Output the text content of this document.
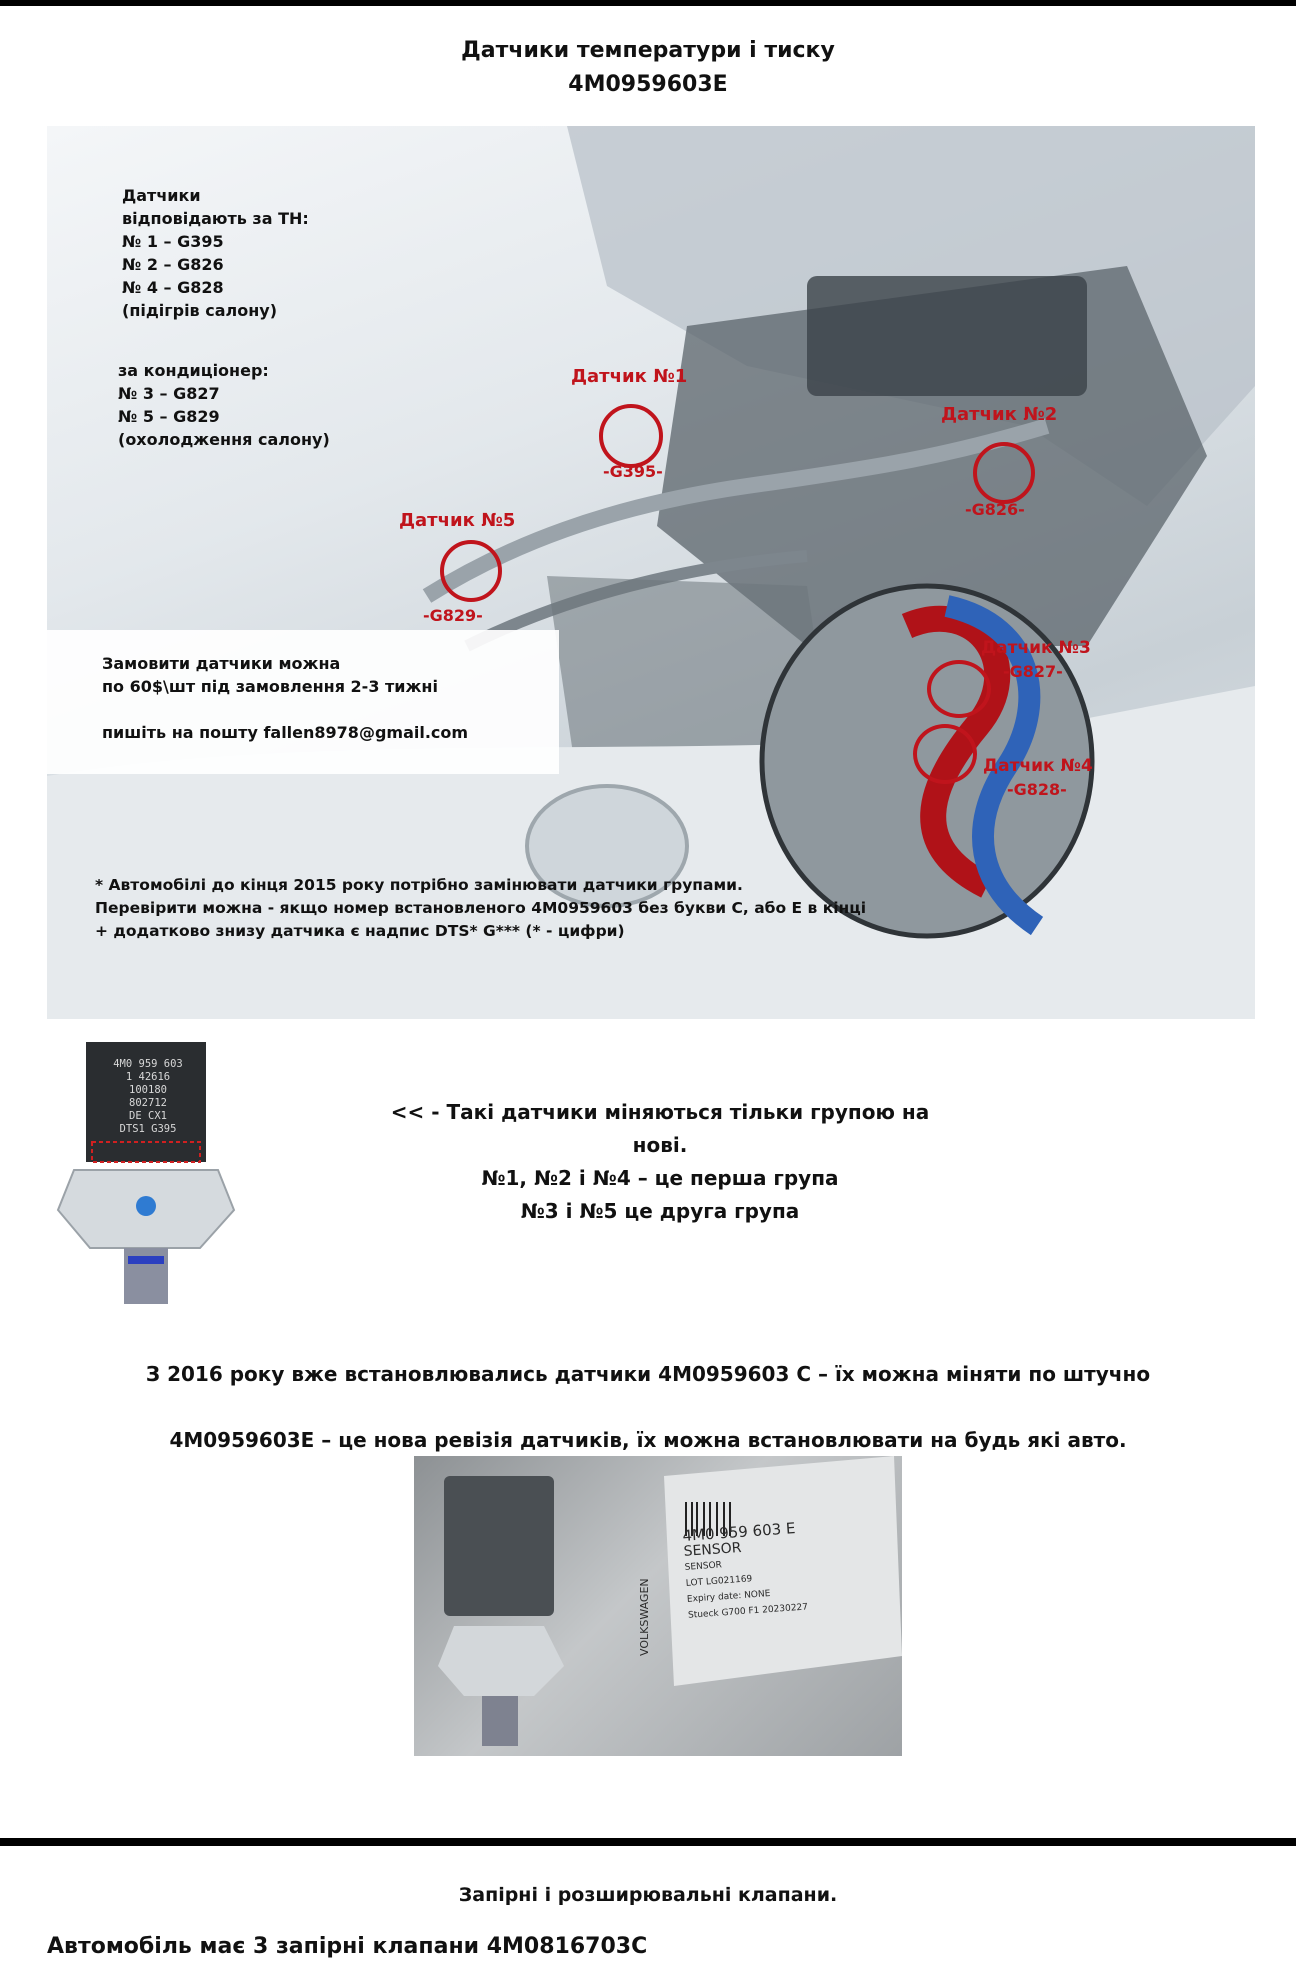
Датчики температури і тиску
4M0959603E
Датчик №1
-G395-
Датчик №2
-G826-
Датчик №5
-G829-
Датчик №3
-G827-
Датчик №4
-G828-
Датчики
відповідають за ТН:
№ 1 – G395
№ 2 – G826
№ 4 – G828
(підігрів салону)
за кондиціонер:
№ 3 – G827
№ 5 – G829
(охолодження салону)
Замовити датчики можна
по 60$\шт під замовлення 2-3 тижні

пишіть на пошту fallen8978@gmail.com
* Автомобілі до кінця 2015 року потрібно замінювати датчики групами.
Перевірити можна - якщо номер встановленого 4M0959603 без букви С, або Е в кінці
+ додатково знизу датчика є надпис DTS* G*** (* - цифри)
4M0 959 603
1 42616
100180
802712
DE CX1
DTS1 G395
<< - Такі датчики міняються тільки групою на нові.
№1, №2 і №4 – це перша група
№3 і №5 це друга група
З 2016 року вже встановлювались датчики 4M0959603 С – їх можна міняти по штучно
4M0959603E – це нова ревізія датчиків, їх можна встановлювати на будь які авто.
4M0 959 603 E
SENSOR
SENSOR
LOT LG021169
Expiry date: NONE
Stueck G700 F1 20230227
VOLKSWAGEN
Запірні і розширювальні клапани.
Автомобіль має 3 запірні клапани 4M0816703C
